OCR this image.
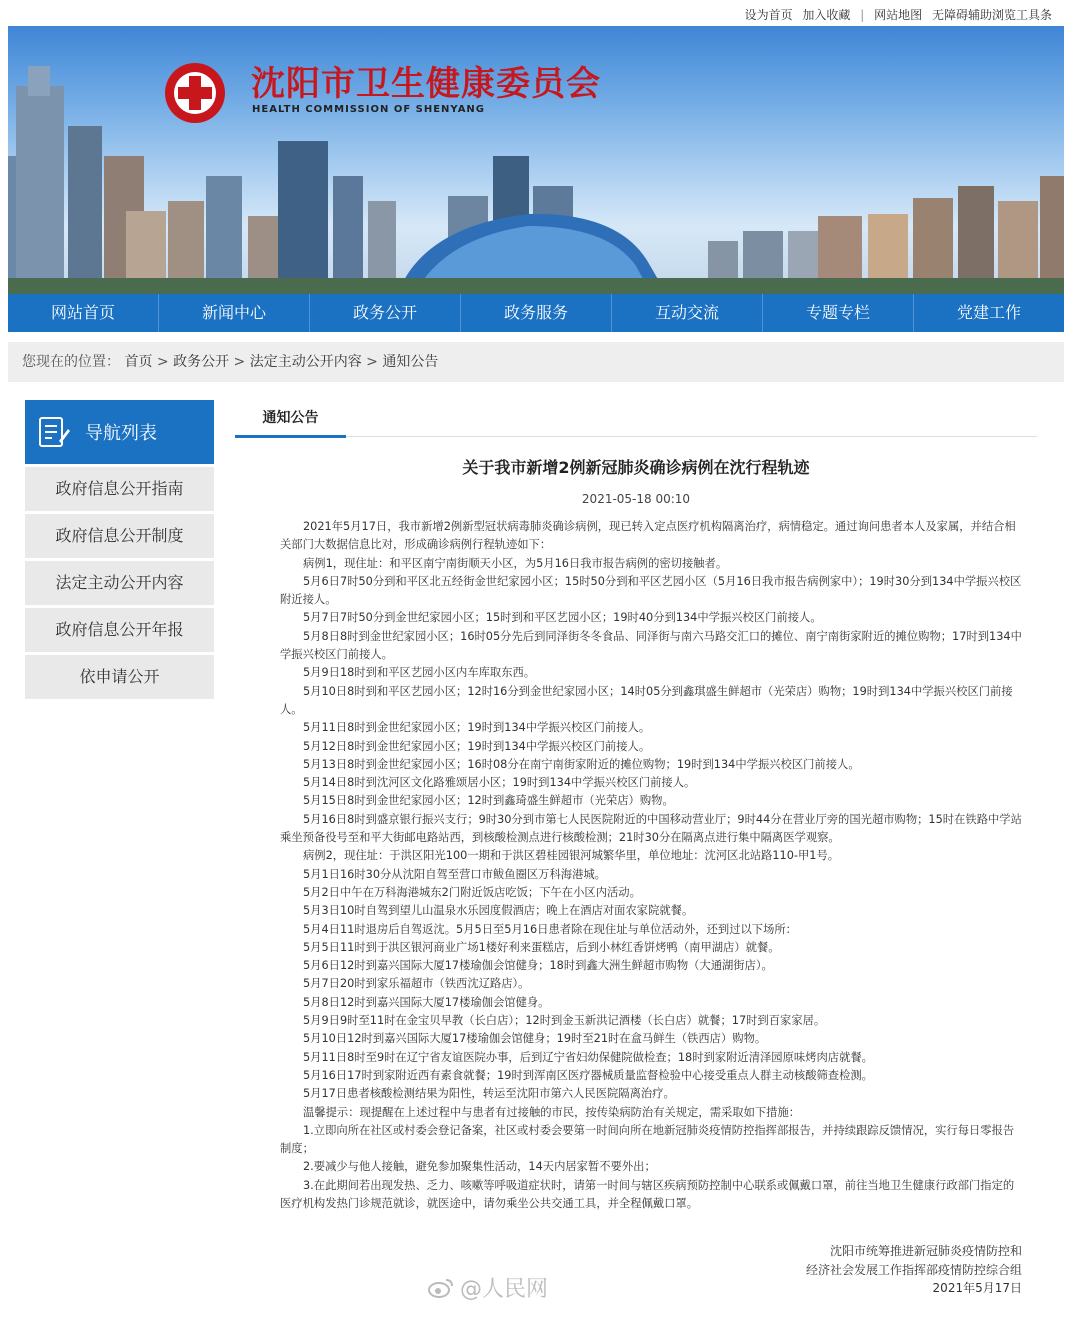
设为首页 加入收藏 | 网站地图 无障碍辅助浏览工具条
沈阳市卫生健康委员会
HEALTH COMMISSION OF SHENYANG
网站首页	新闻中心	政务公开	政务服务	互动交流	专题专栏	党建工作
您现在的位置： 首页 > 政务公开 > 法定主动公开内容 > 通知公告
导航列表
政府信息公开指南
政府信息公开制度
法定主动公开内容
政府信息公开年报
依申请公开
通知公告
关于我市新增2例新冠肺炎确诊病例在沈行程轨迹
2021-05-18 00:10

2021年5月17日，我市新增2例新型冠状病毒肺炎确诊病例，现已转入定点医疗机构隔离治疗，病情稳定。通过询问患者本人及家属，并结合相关部门大数据信息比对，形成确诊病例行程轨迹如下：

病例1，现住址：和平区南宁南街顺天小区，为5月16日我市报告病例的密切接触者。

5月6日7时50分到和平区北五经街金世纪家园小区；15时50分到和平区艺园小区（5月16日我市报告病例家中）；19时30分到134中学振兴校区附近接人。

5月7日7时50分到金世纪家园小区；15时到和平区艺园小区；19时40分到134中学振兴校区门前接人。

5月8日8时到金世纪家园小区；16时05分先后到同泽街冬冬食品、同泽街与南六马路交汇口的摊位、南宁南街家附近的摊位购物；17时到134中学振兴校区门前接人。

5月9日18时到和平区艺园小区内车库取东西。

5月10日8时到和平区艺园小区；12时16分到金世纪家园小区；14时05分到鑫琪盛生鲜超市（光荣店）购物；19时到134中学振兴校区门前接人。

5月11日8时到金世纪家园小区；19时到134中学振兴校区门前接人。

5月12日8时到金世纪家园小区；19时到134中学振兴校区门前接人。

5月13日8时到金世纪家园小区；16时08分在南宁南街家附近的摊位购物；19时到134中学振兴校区门前接人。

5月14日8时到沈河区文化路雅颂居小区；19时到134中学振兴校区门前接人。

5月15日8时到金世纪家园小区；12时到鑫琦盛生鲜超市（光荣店）购物。

5月16日8时到盛京银行振兴支行；9时30分到市第七人民医院附近的中国移动营业厅；9时44分在营业厅旁的国光超市购物；15时在铁路中学站乘坐预备役号至和平大街邮电路站西，到核酸检测点进行核酸检测；21时30分在隔离点进行集中隔离医学观察。

病例2，现住址：于洪区阳光100一期和于洪区碧桂园银河城繁华里，单位地址：沈河区北站路110-甲1号。

5月1日16时30分从沈阳自驾至营口市鲅鱼圈区万科海港城。

5月2日中午在万科海港城东2门附近饭店吃饭；下午在小区内活动。

5月3日10时自驾到望儿山温泉水乐园度假酒店；晚上在酒店对面农家院就餐。

5月4日11时退房后自驾返沈。5月5日至5月16日患者除在现住址与单位活动外，还到过以下场所：

5月5日11时到于洪区银河商业广场1楼好利来蛋糕店，后到小林红香饼烤鸭（南甲湖店）就餐。

5月6日12时到嘉兴国际大厦17楼瑜伽会馆健身；18时到鑫大洲生鲜超市购物（大通湖街店）。

5月7日20时到家乐福超市（铁西沈辽路店）。

5月8日12时到嘉兴国际大厦17楼瑜伽会馆健身。

5月9日9时至11时在金宝贝早教（长白店）；12时到金玉新洪记酒楼（长白店）就餐；17时到百家家居。

5月10日12时到嘉兴国际大厦17楼瑜伽会馆健身；19时至21时在盒马鲜生（铁西店）购物。

5月11日8时至9时在辽宁省友谊医院办事，后到辽宁省妇幼保健院做检查；18时到家附近清泽园原味烤肉店就餐。

5月16日17时到家附近西有素食就餐；19时到浑南区医疗器械质量监督检验中心接受重点人群主动核酸筛查检测。

5月17日患者核酸检测结果为阳性，转运至沈阳市第六人民医院隔离治疗。

温馨提示：现提醒在上述过程中与患者有过接触的市民，按传染病防治有关规定，需采取如下措施：

1.立即向所在社区或村委会登记备案，社区或村委会要第一时间向所在地新冠肺炎疫情防控指挥部报告，并持续跟踪反馈情况，实行每日零报告制度；

2.要减少与他人接触，避免参加聚集性活动，14天内居家暂不要外出；

3.在此期间若出现发热、乏力、咳嗽等呼吸道症状时，请第一时间与辖区疾病预防控制中心联系或佩戴口罩，前往当地卫生健康行政部门指定的医疗机构发热门诊规范就诊，就医途中，请勿乘坐公共交通工具，并全程佩戴口罩。

沈阳市统筹推进新冠肺炎疫情防控和
经济社会发展工作指挥部疫情防控综合组
2021年5月17日
@人民网
